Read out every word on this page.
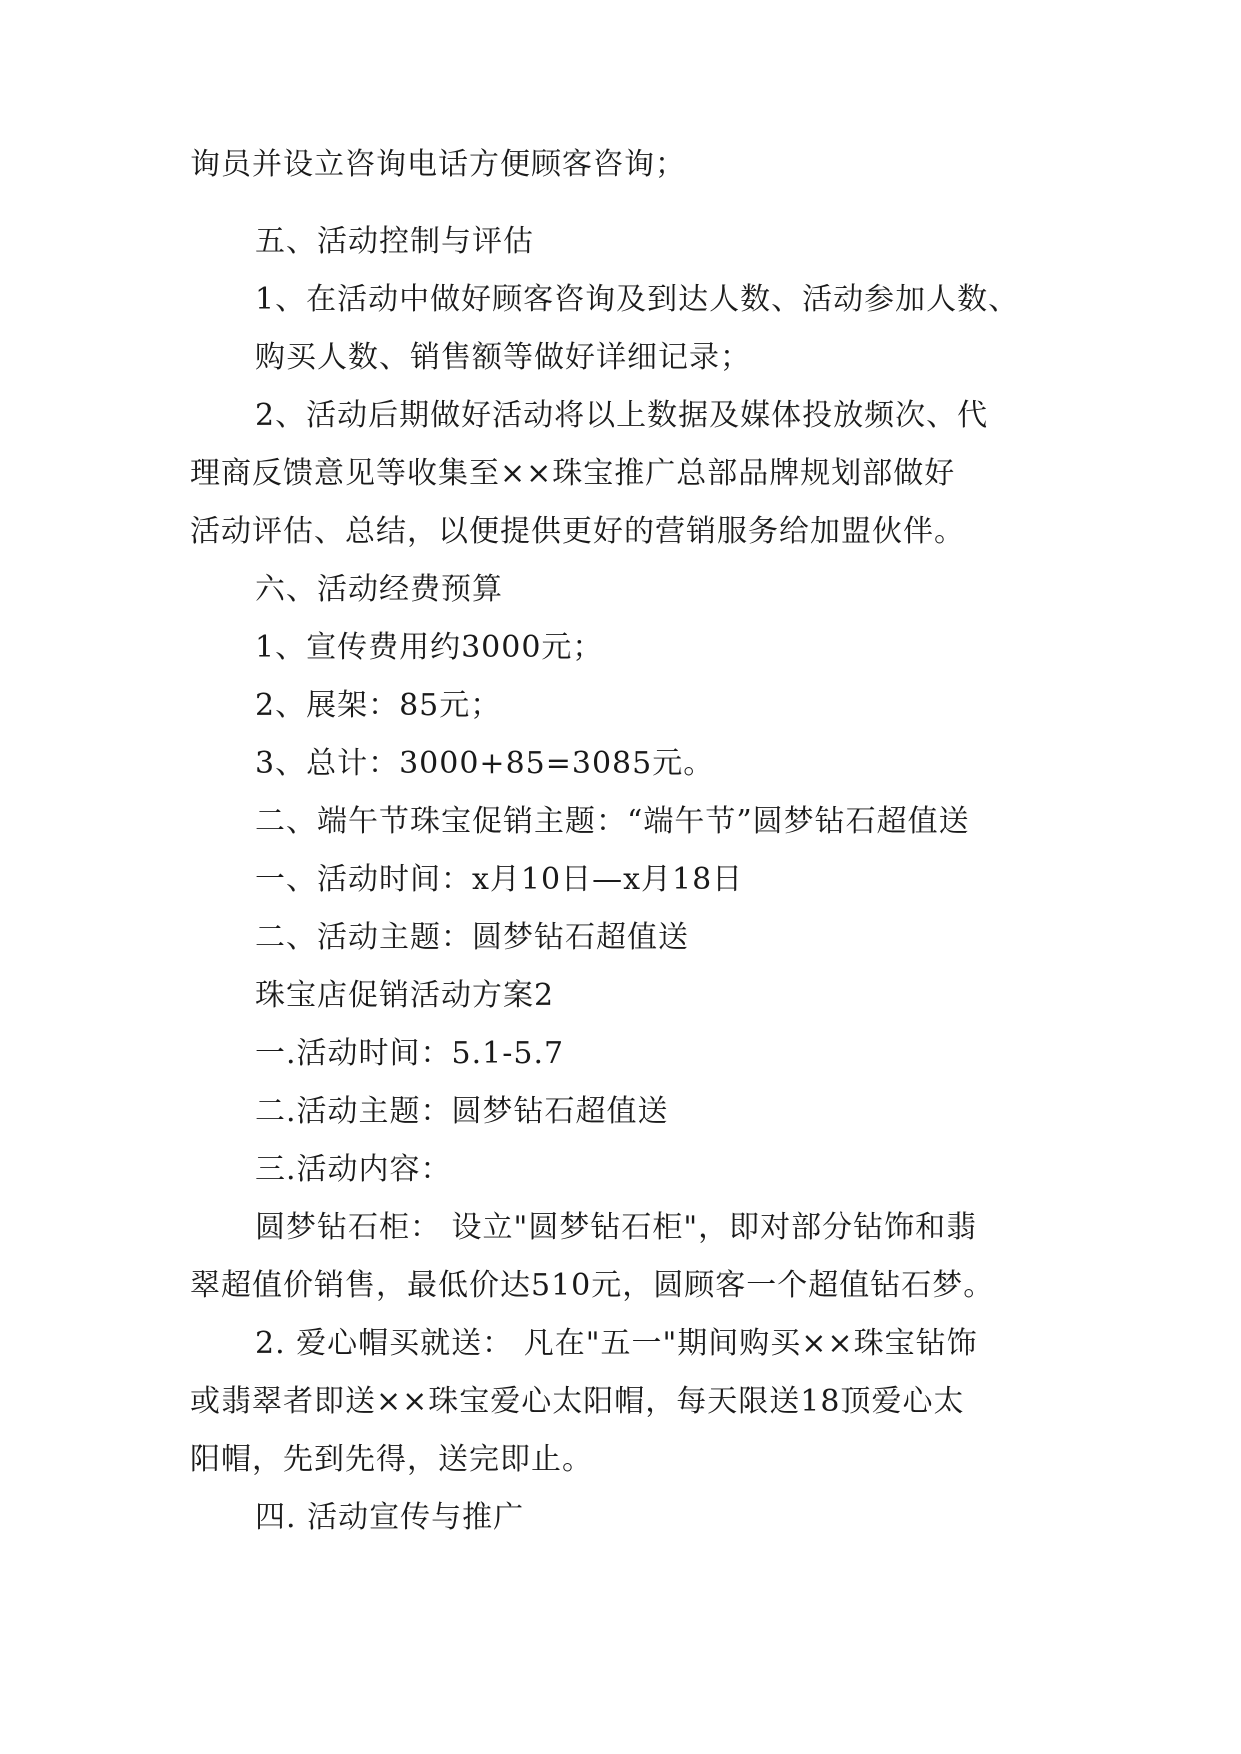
询员并设立咨询电话方便顾客咨询；
五、活动控制与评估
1、在活动中做好顾客咨询及到达人数、活动参加人数、
购买人数、销售额等做好详细记录；
2、活动后期做好活动将以上数据及媒体投放频次、代
理商反馈意见等收集至××珠宝推广总部品牌规划部做好
活动评估、总结，以便提供更好的营销服务给加盟伙伴。
六、活动经费预算
1、宣传费用约3000元；
2、展架：85元；
3、总计：3000+85=3085元。
二、端午节珠宝促销主题：“端午节”圆梦钻石超值送
一、活动时间：x月10日—x月18日
二、活动主题：圆梦钻石超值送
珠宝店促销活动方案2
一.活动时间：5.1-5.7
二.活动主题：圆梦钻石超值送
三.活动内容：
圆梦钻石柜： 设立"圆梦钻石柜"，即对部分钻饰和翡
翠超值价销售，最低价达510元，圆顾客一个超值钻石梦。
2. 爱心帽买就送： 凡在"五一"期间购买××珠宝钻饰
或翡翠者即送××珠宝爱心太阳帽，每天限送18顶爱心太
阳帽，先到先得，送完即止。
四. 活动宣传与推广
